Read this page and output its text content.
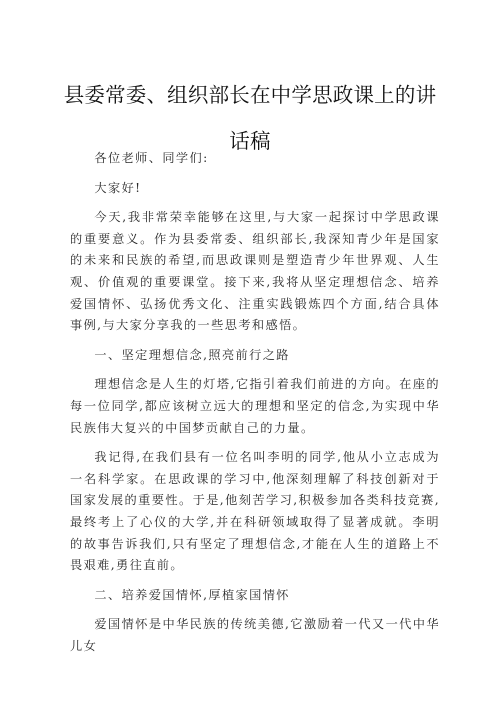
县委常委、组织部长在中学思政课上的讲
话稿

各位老师、同学们:

大家好!

今天,我非常荣幸能够在这里,与大家一起探讨中学思政课的重要意义。作为县委常委、组织部长,我深知青少年是国家的未来和民族的希望,而思政课则是塑造青少年世界观、人生观、价值观的重要课堂。接下来,我将从坚定理想信念、培养爱国情怀、弘扬优秀文化、注重实践锻炼四个方面,结合具体事例,与大家分享我的一些思考和感悟。

一、坚定理想信念,照亮前行之路

理想信念是人生的灯塔,它指引着我们前进的方向。在座的每一位同学,都应该树立远大的理想和坚定的信念,为实现中华民族伟大复兴的中国梦贡献自己的力量。

我记得,在我们县有一位名叫李明的同学,他从小立志成为一名科学家。在思政课的学习中,他深刻理解了科技创新对于国家发展的重要性。于是,他刻苦学习,积极参加各类科技竞赛,最终考上了心仪的大学,并在科研领域取得了显著成就。李明的故事告诉我们,只有坚定了理想信念,才能在人生的道路上不畏艰难,勇往直前。

二、培养爱国情怀,厚植家国情怀

爱国情怀是中华民族的传统美德,它激励着一代又一代中华儿女
